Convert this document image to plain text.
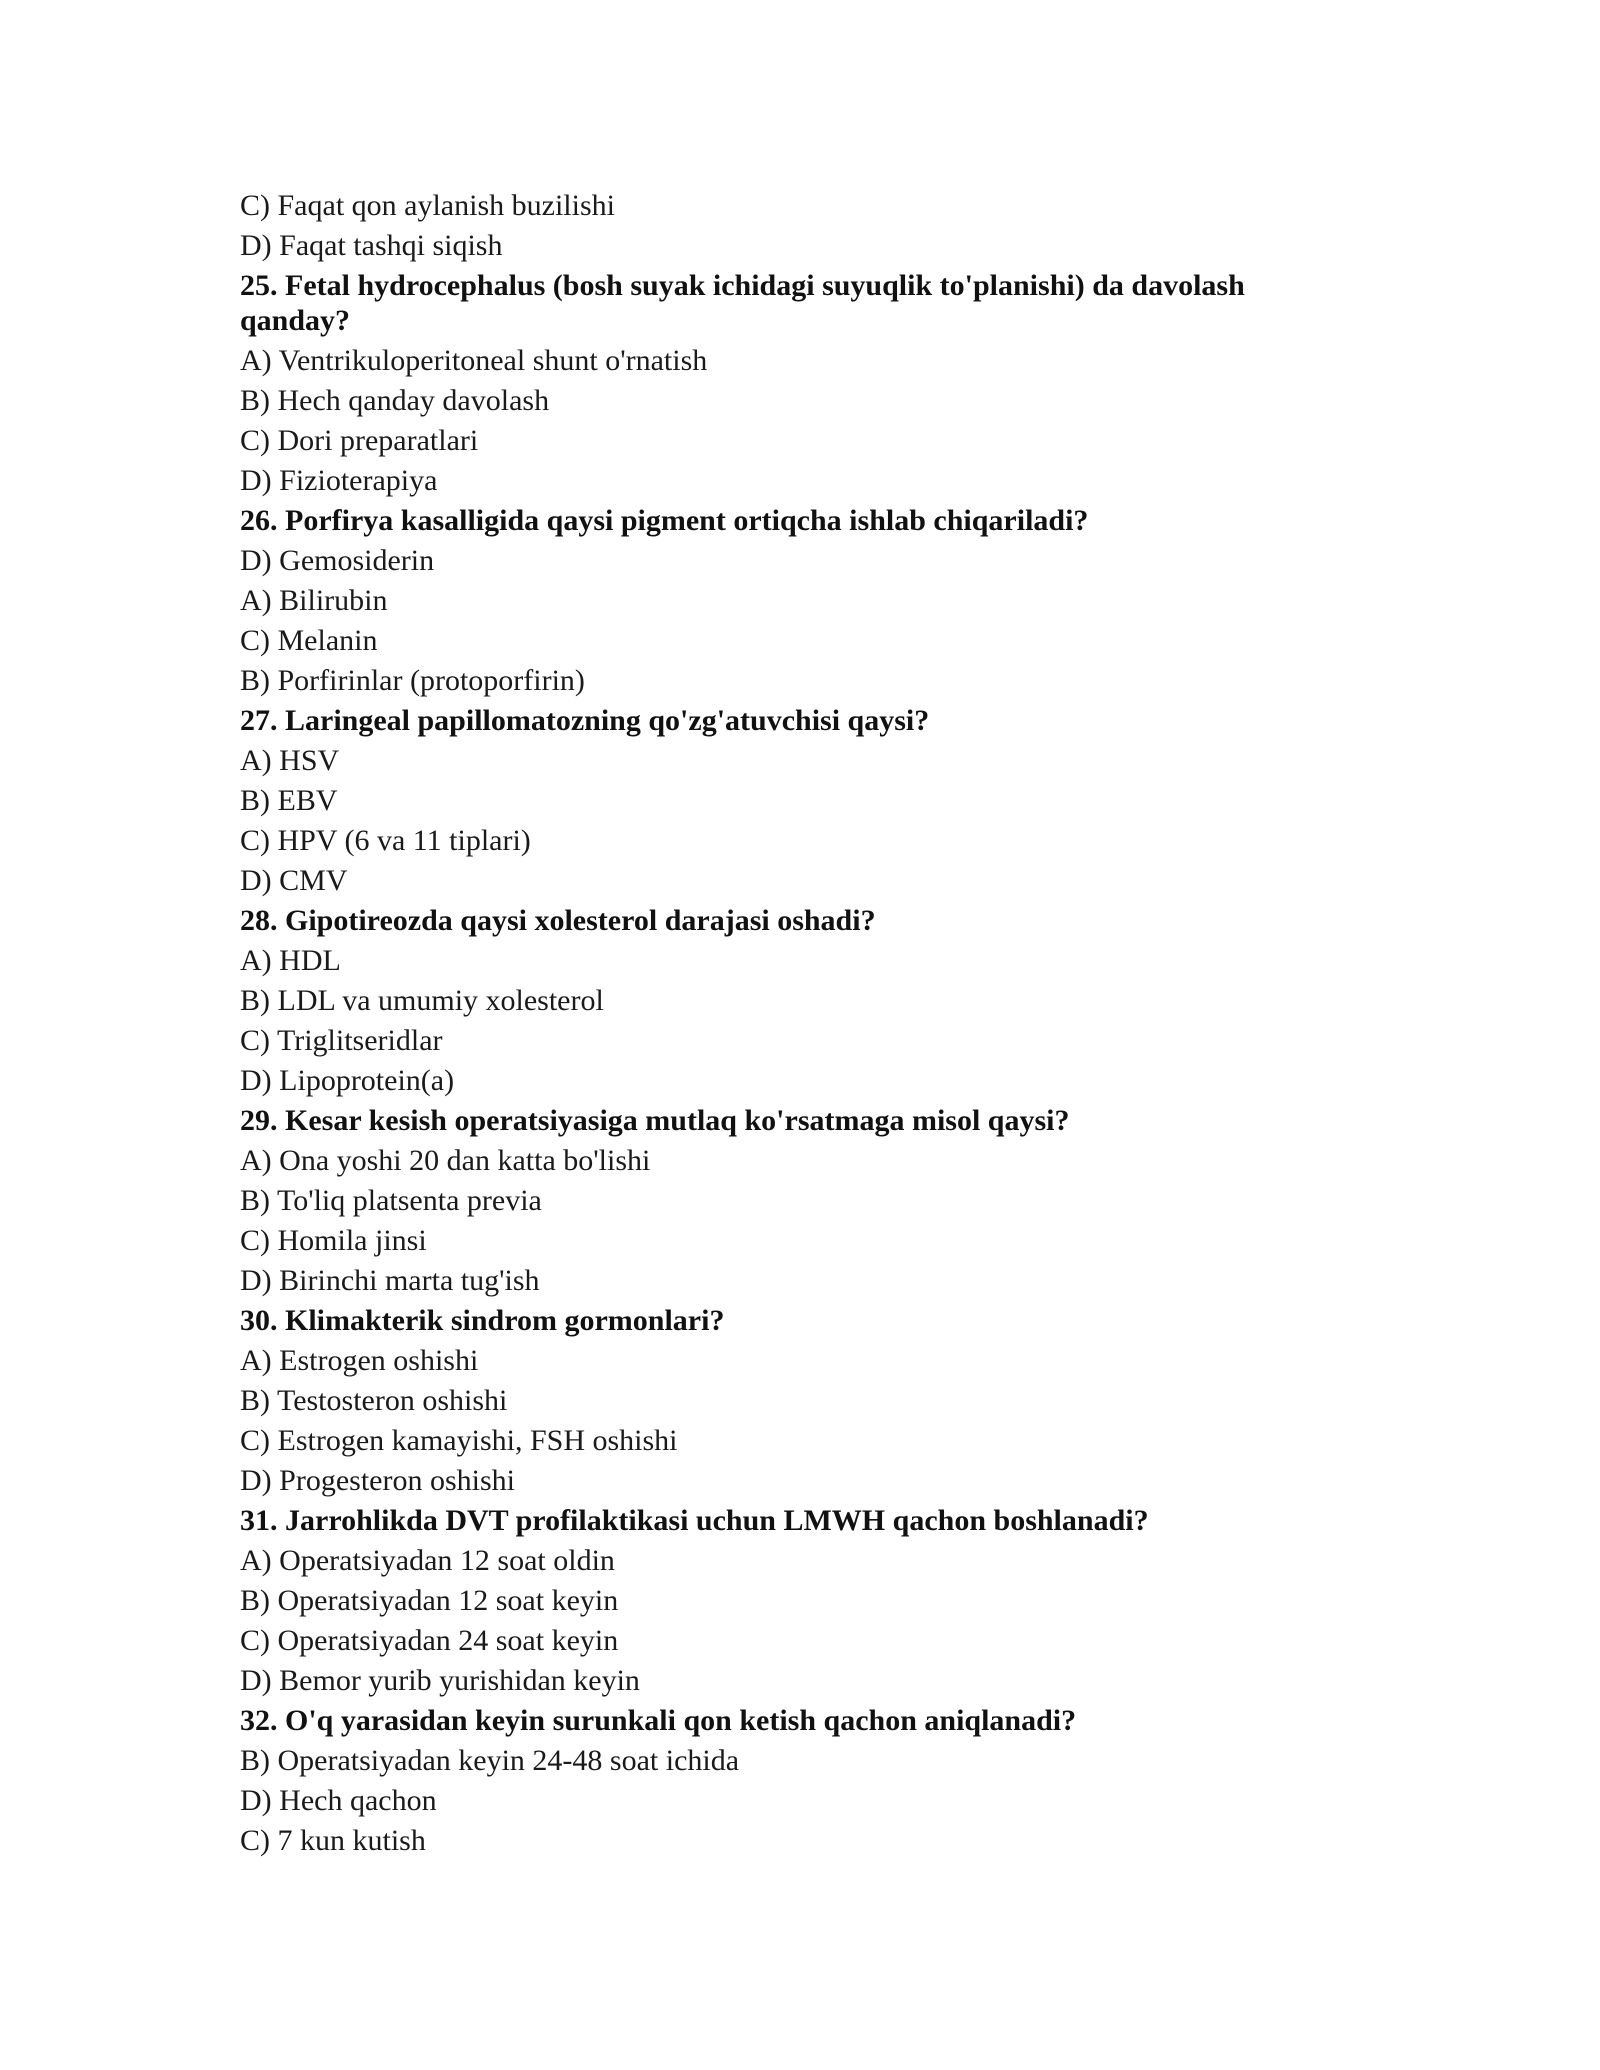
C) Faqat qon aylanish buzilishi

D) Faqat tashqi siqish

25. Fetal hydrocephalus (bosh suyak ichidagi suyuqlik to'planishi) da davolash qanday?

A) Ventrikuloperitoneal shunt o'rnatish

B) Hech qanday davolash

C) Dori preparatlari

D) Fizioterapiya

26. Porfirya kasalligida qaysi pigment ortiqcha ishlab chiqariladi?

D) Gemosiderin

A) Bilirubin

C) Melanin

B) Porfirinlar (protoporfirin)

27. Laringeal papillomatozning qo'zg'atuvchisi qaysi?

A) HSV

B) EBV

C) HPV (6 va 11 tiplari)

D) CMV

28. Gipotireozda qaysi xolesterol darajasi oshadi?

A) HDL

B) LDL va umumiy xolesterol

C) Triglitseridlar

D) Lipoprotein(a)

29. Kesar kesish operatsiyasiga mutlaq ko'rsatmaga misol qaysi?

A) Ona yoshi 20 dan katta bo'lishi

B) To'liq platsenta previa

C) Homila jinsi

D) Birinchi marta tug'ish

30. Klimakterik sindrom gormonlari?

A) Estrogen oshishi

B) Testosteron oshishi

C) Estrogen kamayishi, FSH oshishi

D) Progesteron oshishi

31. Jarrohlikda DVT profilaktikasi uchun LMWH qachon boshlanadi?

A) Operatsiyadan 12 soat oldin

B) Operatsiyadan 12 soat keyin

C) Operatsiyadan 24 soat keyin

D) Bemor yurib yurishidan keyin

32. O'q yarasidan keyin surunkali qon ketish qachon aniqlanadi?

B) Operatsiyadan keyin 24-48 soat ichida

D) Hech qachon

C) 7 kun kutish
